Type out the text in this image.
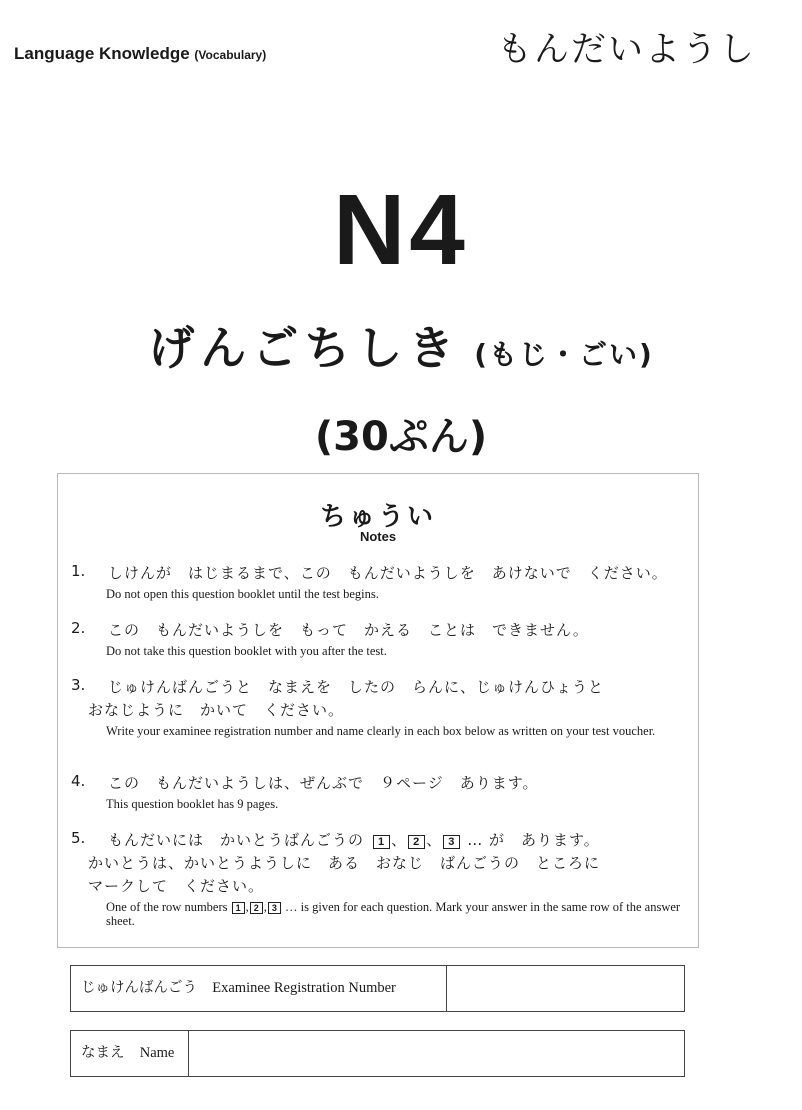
Language Knowledge (Vocabulary)	もんだいようし
N4
げんごちしき (もじ・ごい)
(30ぷん)
ちゅうい
Notes
1. しけんが　はじまるまで、この　もんだいようしを　あけないで　ください。
Do not open this question booklet until the test begins.
2. この　もんだいようしを　もって　かえる　ことは　できません。
Do not take this question booklet with you after the test.
3. じゅけんばんごうと　なまえを　したの　らんに、じゅけんひょうと
おなじように　かいて　ください。
Write your examinee registration number and name clearly in each box below as written on your test voucher.
4. この　もんだいようしは、ぜんぶで　９ページ　あります。
This question booklet has 9 pages.
5. もんだいには　かいとうばんごうの 1 、 2 、 3 … が　あります。
かいとうは、かいとうようしに　ある　おなじ　ばんごうの　ところに
マークして　ください。
One of the row numbers 1 , 2 , 3 … is given for each question. Mark your answer in the same row of the answer sheet.
じゅけんばんごう Examinee Registration Number
なまえ Name
